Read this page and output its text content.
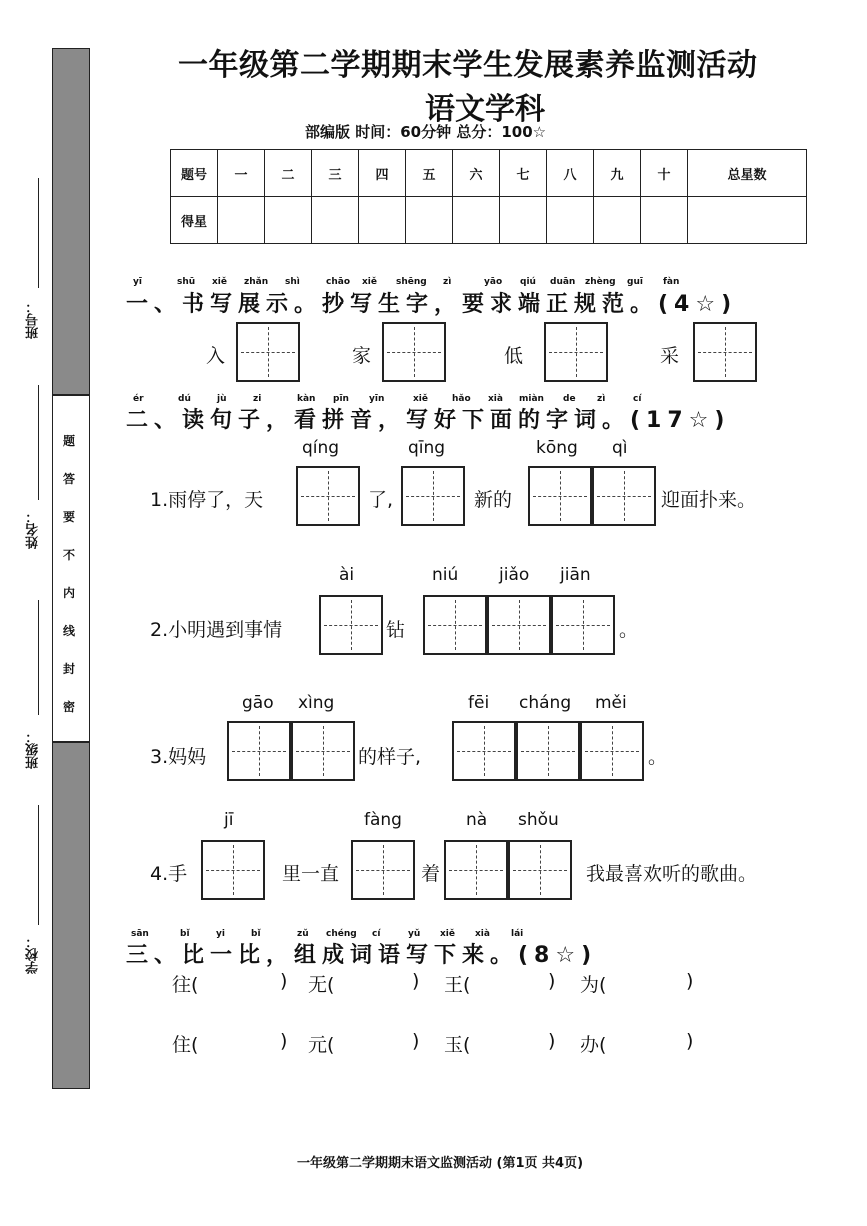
题
答
要
不
内
线
封
密
班号：
姓名：
班级：
学校：
一年级第二学期期末学生发展素养监测活动
语文学科
部编版 时间：60分钟 总分：100☆
题号	一	二	三	四	五	六	七	八	九	十	总星数
得星											
yī	shū xiě zhǎn shì	chāo xiě shēng zì	yāo qiú duān zhèng guī fàn
一、书写展示。抄写生字，要求端正规范。(4☆)
入	家	低	采
ér	dú	jù	zi	kàn pīn yīn	xiě	hǎo xià miàn de zì	cí
二、读句子，看拼音，写好下面的字词。(17☆)
qíng	qīng	kōng qì
1.雨停了，天	了,	新的	迎面扑来。
ài	niú jiǎo jiān
2.小明遇到事情	钻	。
gāo xìng	fēi cháng měi
3.妈妈	的样子,	。
jī	fàng	nà shǒu
4.手	里一直	着	我最喜欢听的歌曲。
sān	bǐ	yi	bǐ	zǔ chéng cí	yǔ xiě xià lái
三、比一比，组成词语写下来。(8☆)
往(	) 无(	) 王(	) 为(	)
住(	) 元(	) 玉(	) 办(	)
一年级第二学期期末语文监测活动 (第1页 共4页)
